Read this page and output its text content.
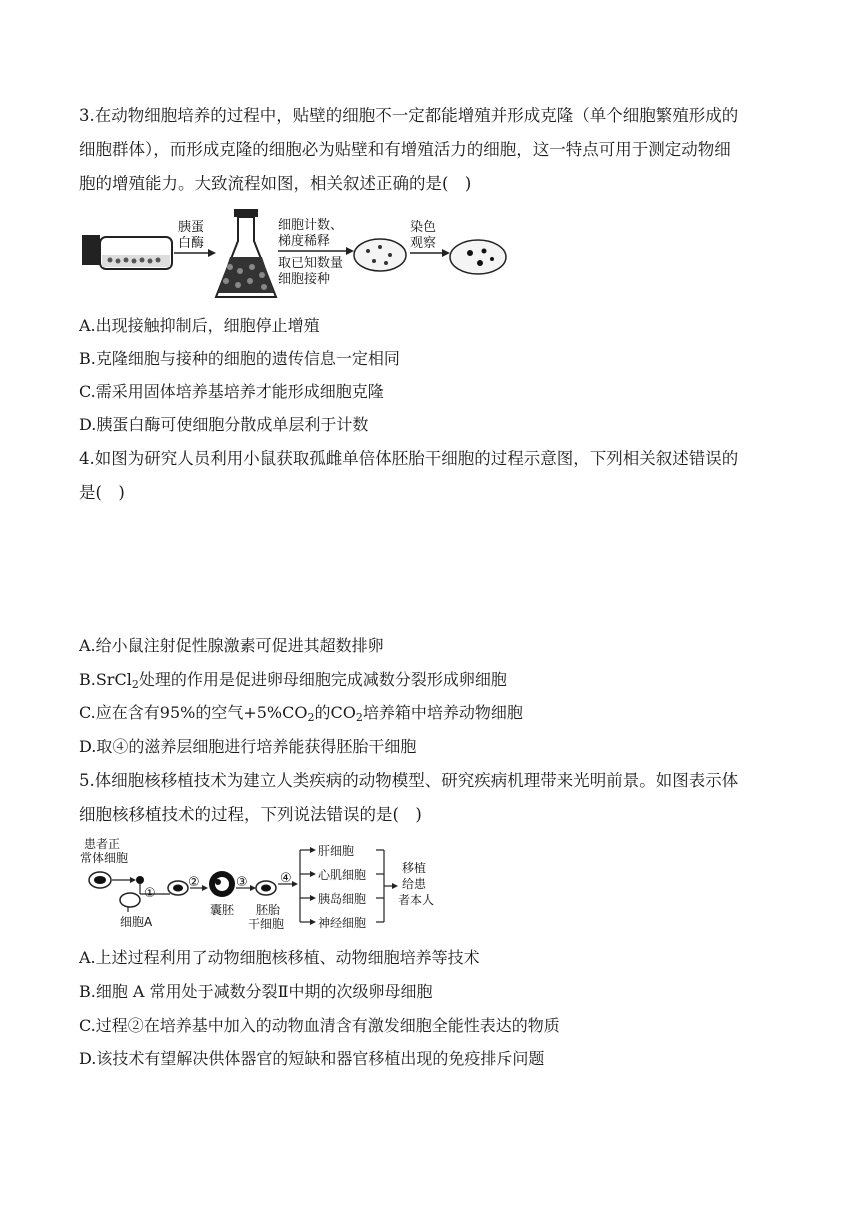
3.在动物细胞培养的过程中，贴壁的细胞不一定都能增殖并形成克隆（单个细胞繁殖形成的
细胞群体），而形成克隆的细胞必为贴壁和有增殖活力的细胞，这一特点可用于测定动物细
胞的增殖能力。大致流程如图，相关叙述正确的是(　)
胰蛋
白酶
细胞计数、
梯度稀释
取已知数量
细胞接种
染色
观察
A.出现接触抑制后，细胞停止增殖
B.克隆细胞与接种的细胞的遗传信息一定相同
C.需采用固体培养基培养才能形成细胞克隆
D.胰蛋白酶可使细胞分散成单层利于计数
4.如图为研究人员利用小鼠获取孤雌单倍体胚胎干细胞的过程示意图，下列相关叙述错误的
是(　)
A.给小鼠注射促性腺激素可促进其超数排卵
B.SrCl$_2$处理的作用是促进卵母细胞完成减数分裂形成卵细胞
C.应在含有95%的空气$+5\%CO_2$的$CO_2$培养箱中培养动物细胞
D.取④的滋养层细胞进行培养能获得胚胎干细胞
5.体细胞核移植技术为建立人类疾病的动物模型、研究疾病机理带来光明前景。如图表示体
细胞核移植技术的过程，下列说法错误的是(　)
患者正
常体细胞
①
细胞A
②
囊胚
③
胚胎
干细胞
④
肝细胞
心肌细胞
胰岛细胞
神经细胞
移植
给患
者本人
A.上述过程利用了动物细胞核移植、动物细胞培养等技术
B.细胞 A 常用处于减数分裂Ⅱ中期的次级卵母细胞
C.过程②在培养基中加入的动物血清含有激发细胞全能性表达的物质
D.该技术有望解决供体器官的短缺和器官移植出现的免疫排斥问题
